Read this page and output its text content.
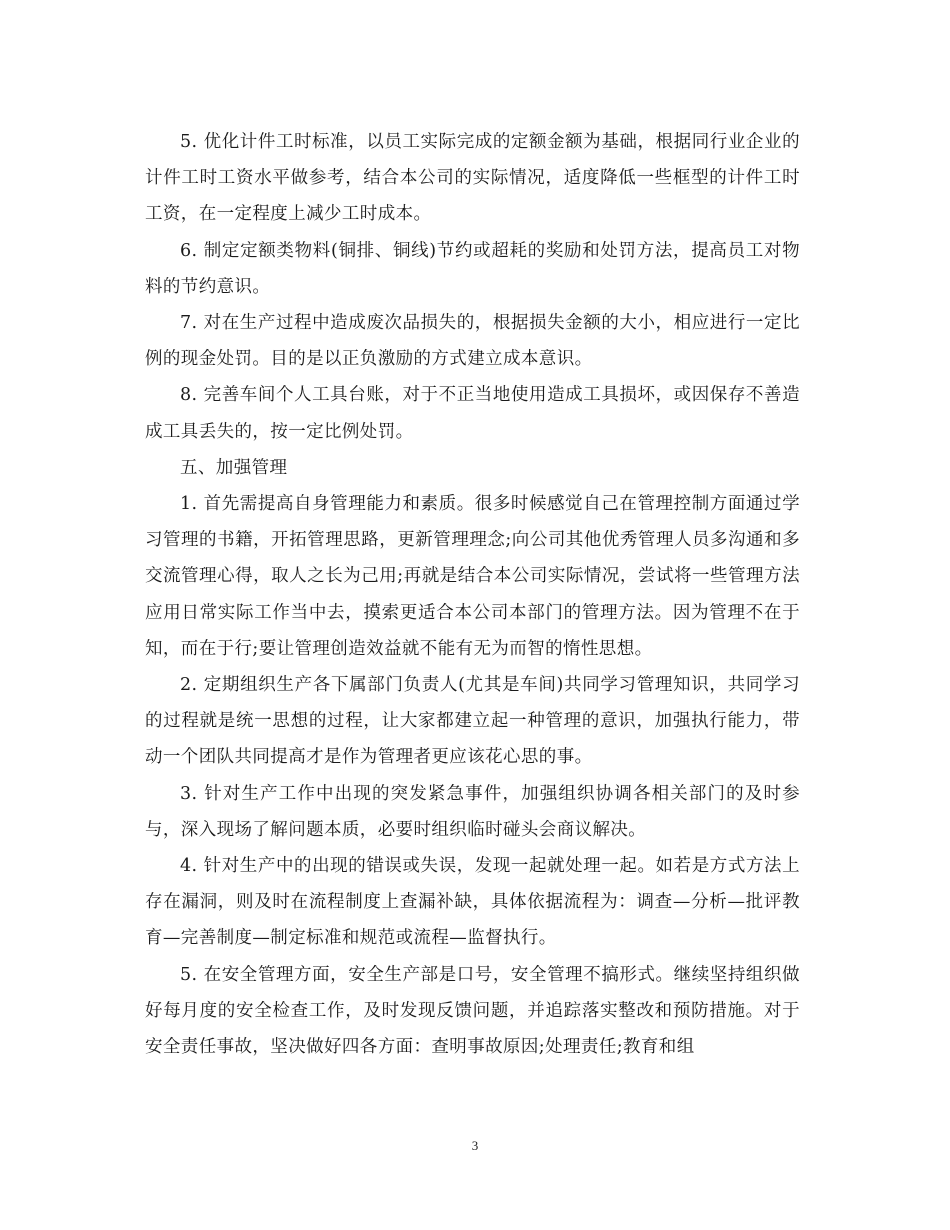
5. 优化计件工时标准，以员工实际完成的定额金额为基础，根据同行业企业的计件工时工资水平做参考，结合本公司的实际情况，适度降低一些框型的计件工时工资，在一定程度上减少工时成本。

6. 制定定额类物料(铜排、铜线)节约或超耗的奖励和处罚方法，提高员工对物料的节约意识。

7. 对在生产过程中造成废次品损失的，根据损失金额的大小，相应进行一定比例的现金处罚。目的是以正负激励的方式建立成本意识。

8. 完善车间个人工具台账，对于不正当地使用造成工具损坏，或因保存不善造成工具丢失的，按一定比例处罚。

五、加强管理

1. 首先需提高自身管理能力和素质。很多时候感觉自己在管理控制方面通过学习管理的书籍，开拓管理思路，更新管理理念;向公司其他优秀管理人员多沟通和多交流管理心得，取人之长为己用;再就是结合本公司实际情况，尝试将一些管理方法应用日常实际工作当中去，摸索更适合本公司本部门的管理方法。因为管理不在于知，而在于行;要让管理创造效益就不能有无为而智的惰性思想。

2. 定期组织生产各下属部门负责人(尤其是车间)共同学习管理知识，共同学习的过程就是统一思想的过程，让大家都建立起一种管理的意识，加强执行能力，带动一个团队共同提高才是作为管理者更应该花心思的事。

3. 针对生产工作中出现的突发紧急事件，加强组织协调各相关部门的及时参与，深入现场了解问题本质，必要时组织临时碰头会商议解决。

4. 针对生产中的出现的错误或失误，发现一起就处理一起。如若是方式方法上存在漏洞，则及时在流程制度上查漏补缺，具体依据流程为：调查—分析—批评教育—完善制度—制定标准和规范或流程—监督执行。

5. 在安全管理方面，安全生产部是口号，安全管理不搞形式。继续坚持组织做好每月度的安全检查工作，及时发现反馈问题，并追踪落实整改和预防措施。对于安全责任事故，坚决做好四各方面：查明事故原因;处理责任;教育和组

3
